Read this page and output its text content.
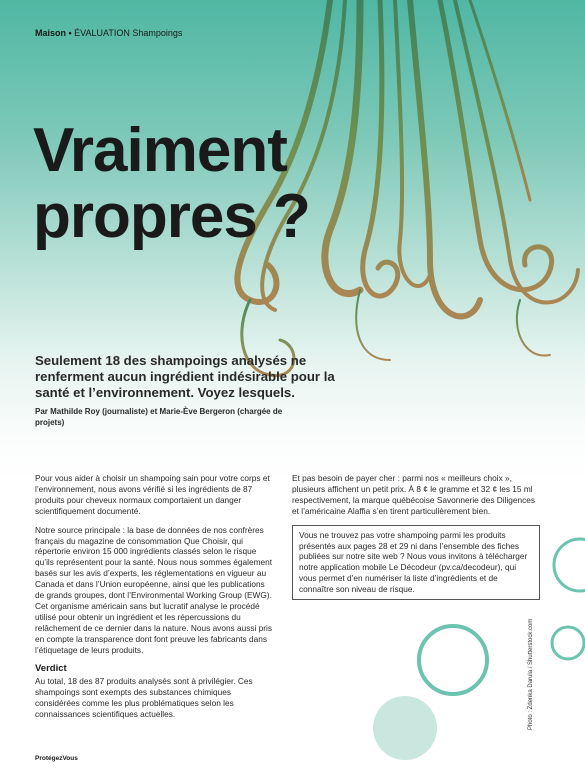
Maison • ÉVALUATION Shampoings
Vraiment
propres ?

Seulement 18 des shampoings analysés ne renferment aucun ingrédient indésirable pour la santé et l’environnement. Voyez lesquels.

Par Mathilde Roy (journaliste) et Marie-Ève Bergeron (chargée de projets)

Pour vous aider à choisir un shampoing sain pour votre corps et l’environnement, nous avons vérifié si les ingrédients de 87 produits pour cheveux normaux comportaient un danger scientifiquement documenté.

Notre source principale : la base de données de nos confrères français du magazine de consommation Que Choisir, qui répertorie environ 15 000 ingrédients classés selon le risque qu’ils représentent pour la santé. Nous nous sommes également basés sur les avis d’experts, les réglementations en vigueur au Canada et dans l’Union européenne, ainsi que les publications de grands groupes, dont l’Environmental Working Group (EWG). Cet organisme américain sans but lucratif analyse le procédé utilisé pour obtenir un ingrédient et les répercussions du relâchement de ce dernier dans la nature. Nous avons aussi pris en compte la transparence dont font preuve les fabricants dans l’étiquetage de leurs produits.

Verdict

Au total, 18 des 87 produits analysés sont à privilégier. Ces shampoings sont exempts des substances chimiques considérées comme les plus problématiques selon les connaissances scientifiques actuelles.

Et pas besoin de payer cher : parmi nos « meilleurs choix », plusieurs affichent un petit prix. À 8 ¢ le gramme et 32 ¢ les 15 ml respectivement, la marque québécoise Savonnerie des Diligences et l’américaine Alaffia s’en tirent particulièrement bien.

Vous ne trouvez pas votre shampoing parmi les produits présentés aux pages 28 et 29 ni dans l’ensemble des fiches publiées sur notre site web ? Nous vous invitons à télécharger notre application mobile Le Décodeur (pv.ca/decodeur), qui vous permet d’en numériser la liste d’ingrédients et de connaître son niveau de risque.

ProtégezVous
Photo : Zdenka Darula / Shutterstock.com
